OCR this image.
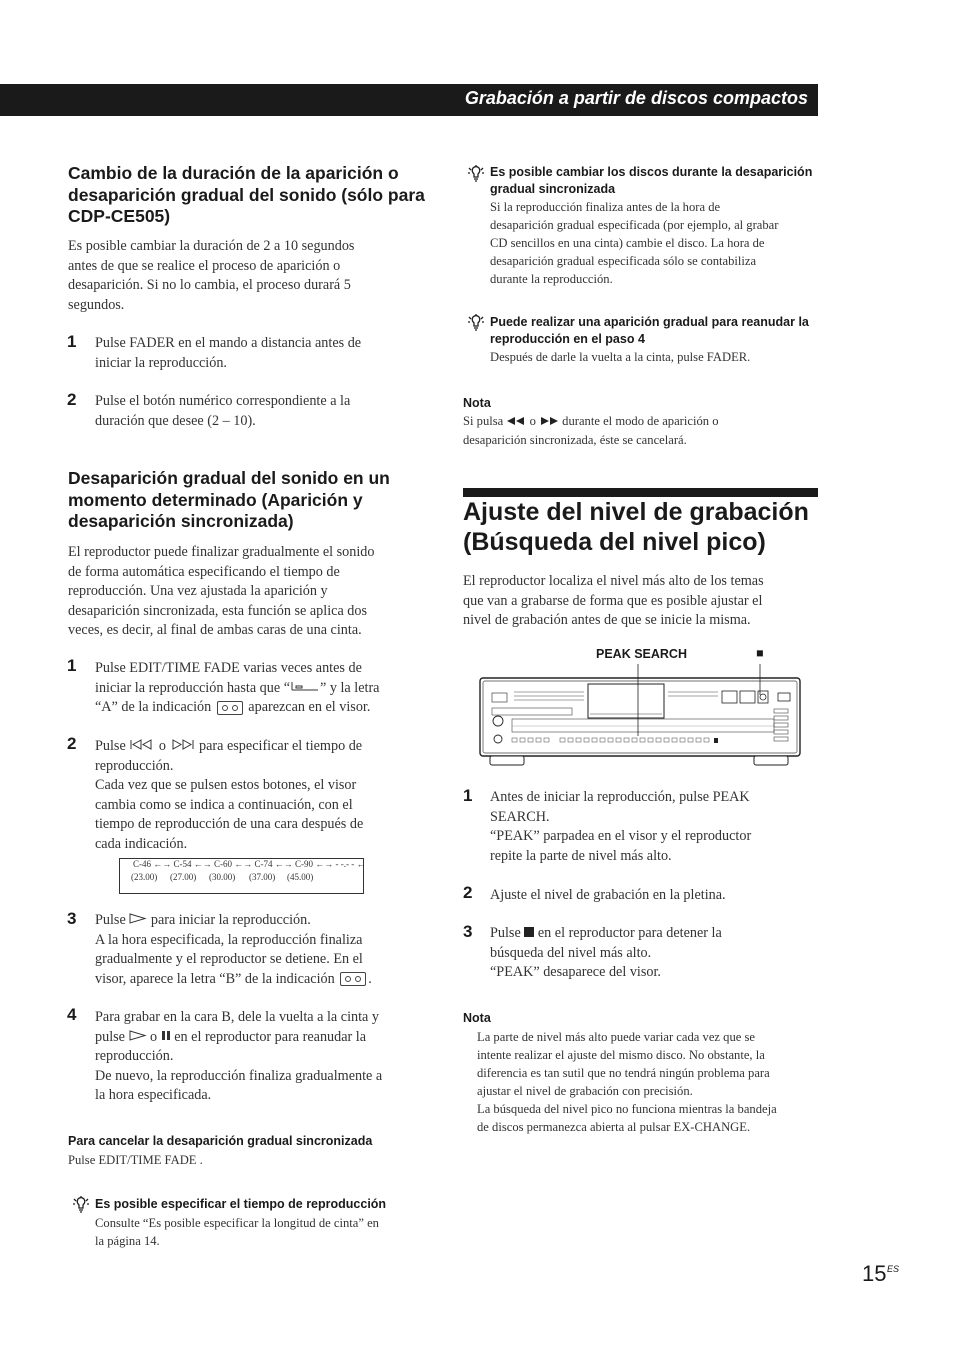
Grabación a partir de discos compactos
Cambio de la duración de la aparición o
desaparición gradual del sonido (sólo para
CDP-CE505)
Es posible cambiar la duración de 2 a 10 segundos
antes de que se realice el proceso de aparición o
desaparición. Si no lo cambia, el proceso durará 5
segundos.
1 Pulse FADER en el mando a distancia antes de
iniciar la reproducción.
2 Pulse el botón numérico correspondiente a la
duración que desee (2 – 10).
Desaparición gradual del sonido en un
momento determinado (Aparición y
desaparición sincronizada)
El reproductor puede finalizar gradualmente el sonido
de forma automática especificando el tiempo de
reproducción. Una vez ajustada la aparición y
desaparición sincronizada, esta función se aplica dos
veces, es decir, al final de ambas caras de una cinta.
1 Pulse EDIT/TIME FADE varias veces antes de
iniciar la reproducción hasta que “ ” y la letra
“A” de la indicación	aparezcan en el visor.
2 Pulse o para especificar el tiempo de
reproducción.
Cada vez que se pulsen estos botones, el visor
cambia como se indica a continuación, con el
tiempo de reproducción de una cara después de
cada indicación.
C-46 ←→ C-54 ←→ C-60 ←→ C-74 ←→ C-90 ←→ - -.- - ←
(23.00) (27.00) (30.00) (37.00) (45.00)
3 Pulse para iniciar la reproducción.
A la hora especificada, la reproducción finaliza
gradualmente y el reproductor se detiene. En el
visor, aparece la letra “B” de la indicación .
4 Para grabar en la cara B, dele la vuelta a la cinta y
pulse o en el reproductor para reanudar la
reproducción.
De nuevo, la reproducción finaliza gradualmente a
la hora especificada.
Para cancelar la desaparición gradual sincronizada
Pulse EDIT/TIME FADE .
Es posible especificar el tiempo de reproducción
Consulte “Es posible especificar la longitud de cinta” en
la página 14.
Es posible cambiar los discos durante la desaparición
gradual sincronizada
Si la reproducción finaliza antes de la hora de
desaparición gradual especificada (por ejemplo, al grabar
CD sencillos en una cinta) cambie el disco. La hora de
desaparición gradual especificada sólo se contabiliza
durante la reproducción.
Puede realizar una aparición gradual para reanudar la
reproducción en el paso 4
Después de darle la vuelta a la cinta, pulse FADER.
Nota
Si pulsa o durante el modo de aparición o
desaparición sincronizada, éste se cancelará.
Ajuste del nivel de grabación
(Búsqueda del nivel pico)
El reproductor localiza el nivel más alto de los temas
que van a grabarse de forma que es posible ajustar el
nivel de grabación antes de que se inicie la misma.
PEAK SEARCH	■
1 Antes de iniciar la reproducción, pulse PEAK
SEARCH.
“PEAK” parpadea en el visor y el reproductor
repite la parte de nivel más alto.
2 Ajuste el nivel de grabación en la pletina.
3 Pulse en el reproductor para detener la
búsqueda del nivel más alto.
“PEAK” desaparece del visor.
Nota
La parte de nivel más alto puede variar cada vez que se
intente realizar el ajuste del mismo disco. No obstante, la
diferencia es tan sutil que no tendrá ningún problema para
ajustar el nivel de grabación con precisión.
La búsqueda del nivel pico no funciona mientras la bandeja
de discos permanezca abierta al pulsar EX-CHANGE.
15 ES
